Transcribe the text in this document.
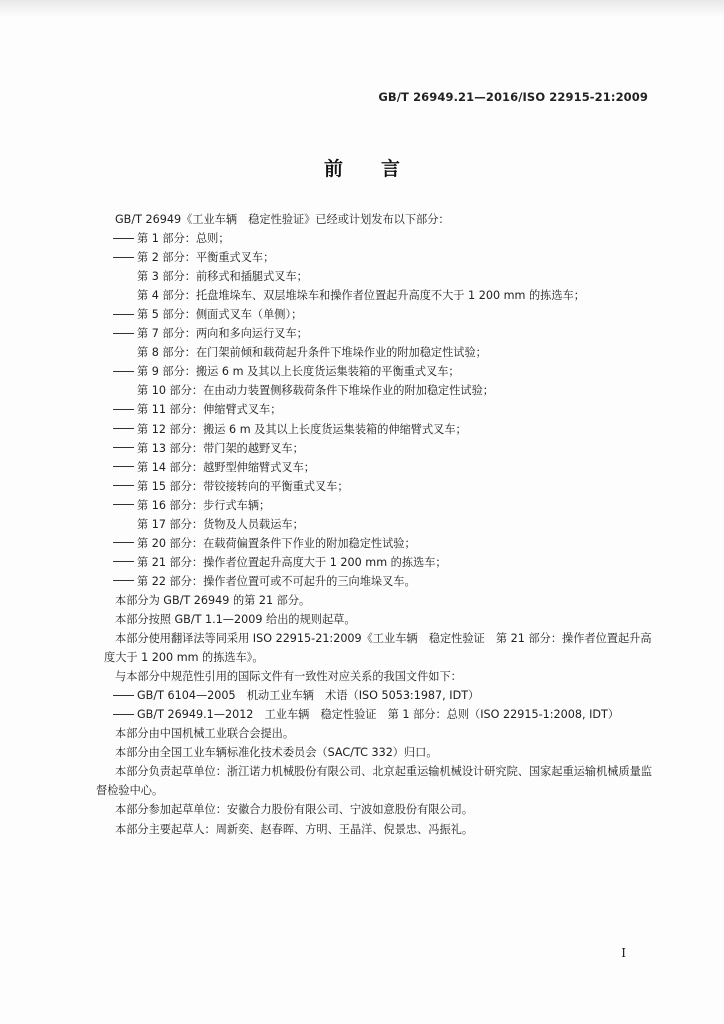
GB/T 26949.21—2016/ISO 22915-21:2009
前言
GB/T 26949《工业车辆　稳定性验证》已经或计划发布以下部分：
第 1 部分：总则；
第 2 部分：平衡重式叉车；
第 3 部分：前移式和插腿式叉车；
第 4 部分：托盘堆垛车、双层堆垛车和操作者位置起升高度不大于 1 200 mm 的拣选车；
第 5 部分：侧面式叉车（单侧）；
第 7 部分：两向和多向运行叉车；
第 8 部分：在门架前倾和载荷起升条件下堆垛作业的附加稳定性试验；
第 9 部分：搬运 6 m 及其以上长度货运集装箱的平衡重式叉车；
第 10 部分：在由动力装置侧移载荷条件下堆垛作业的附加稳定性试验；
第 11 部分：伸缩臂式叉车；
第 12 部分：搬运 6 m 及其以上长度货运集装箱的伸缩臂式叉车；
第 13 部分：带门架的越野叉车；
第 14 部分：越野型伸缩臂式叉车；
第 15 部分：带铰接转向的平衡重式叉车；
第 16 部分：步行式车辆；
第 17 部分：货物及人员载运车；
第 20 部分：在载荷偏置条件下作业的附加稳定性试验；
第 21 部分：操作者位置起升高度大于 1 200 mm 的拣选车；
第 22 部分：操作者位置可或不可起升的三向堆垛叉车。
本部分为 GB/T 26949 的第 21 部分。
本部分按照 GB/T 1.1—2009 给出的规则起草。
本部分使用翻译法等同采用 ISO 22915-21:2009《工业车辆　稳定性验证　第 21 部分：操作者位置起升高度大于 1 200 mm 的拣选车》。
与本部分中规范性引用的国际文件有一致性对应关系的我国文件如下：
GB/T 6104—2005　机动工业车辆　术语（ISO 5053:1987, IDT）
GB/T 26949.1—2012　工业车辆　稳定性验证　第 1 部分：总则（ISO 22915-1:2008, IDT）
本部分由中国机械工业联合会提出。
本部分由全国工业车辆标准化技术委员会（SAC/TC 332）归口。
本部分负责起草单位：浙江诺力机械股份有限公司、北京起重运输机械设计研究院、国家起重运输机械质量监督检验中心。
本部分参加起草单位：安徽合力股份有限公司、宁波如意股份有限公司。
本部分主要起草人：周新奕、赵春晖、方明、王晶洋、倪景忠、冯振礼。
I
